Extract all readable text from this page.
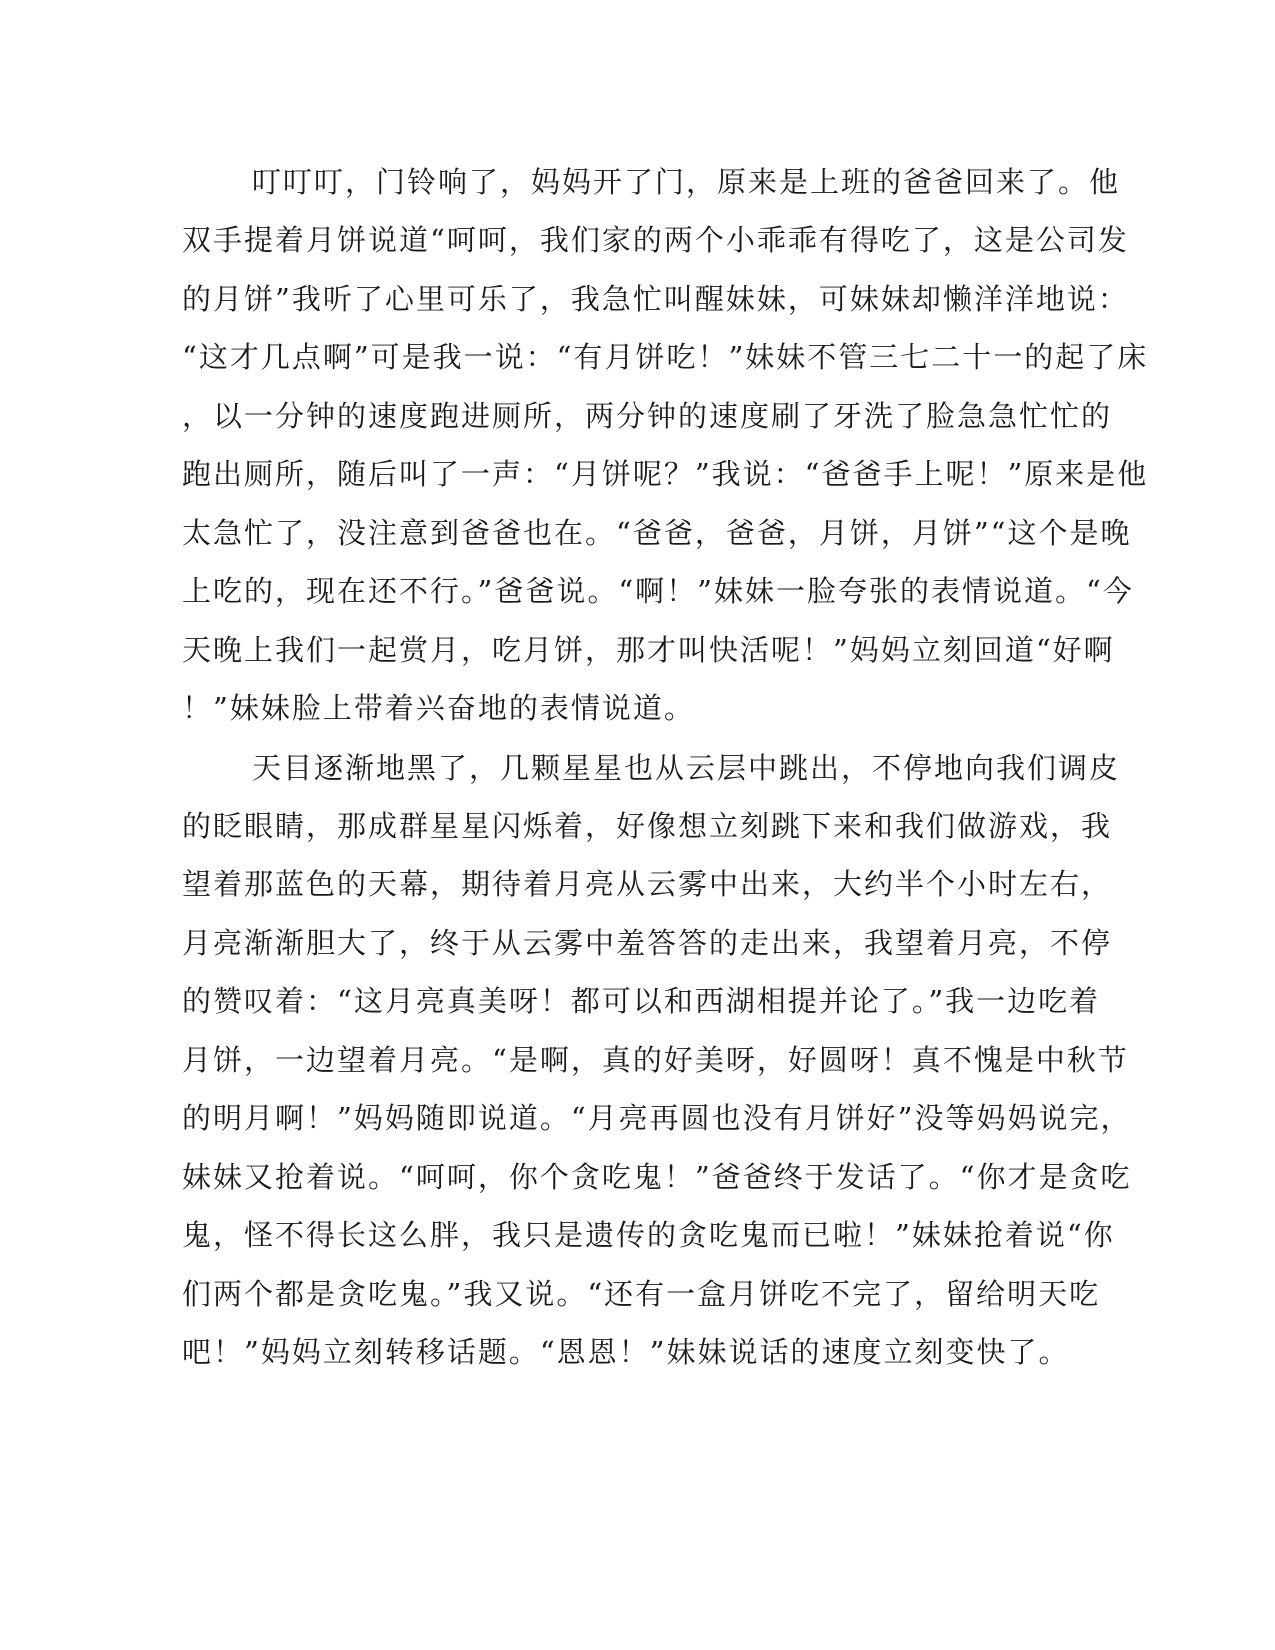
叮叮叮，门铃响了，妈妈开了门，原来是上班的爸爸回来了。他
双手提着月饼说道“呵呵，我们家的两个小乖乖有得吃了，这是公司发
的月饼”我听了心里可乐了，我急忙叫醒妹妹，可妹妹却懒洋洋地说：
“这才几点啊”可是我一说：“有月饼吃！”妹妹不管三七二十一的起了床
，以一分钟的速度跑进厕所，两分钟的速度刷了牙洗了脸急急忙忙的
跑出厕所，随后叫了一声：“月饼呢？”我说：“爸爸手上呢！”原来是他
太急忙了，没注意到爸爸也在。“爸爸，爸爸，月饼，月饼”“这个是晚
上吃的，现在还不行。”爸爸说。“啊！”妹妹一脸夸张的表情说道。“今
天晚上我们一起赏月，吃月饼，那才叫快活呢！”妈妈立刻回道“好啊
！”妹妹脸上带着兴奋地的表情说道。
天目逐渐地黑了，几颗星星也从云层中跳出，不停地向我们调皮
的眨眼睛，那成群星星闪烁着，好像想立刻跳下来和我们做游戏，我
望着那蓝色的天幕，期待着月亮从云雾中出来，大约半个小时左右，
月亮渐渐胆大了，终于从云雾中羞答答的走出来，我望着月亮，不停
的赞叹着：“这月亮真美呀！都可以和西湖相提并论了。”我一边吃着
月饼，一边望着月亮。“是啊，真的好美呀，好圆呀！真不愧是中秋节
的明月啊！”妈妈随即说道。“月亮再圆也没有月饼好”没等妈妈说完，
妹妹又抢着说。“呵呵，你个贪吃鬼！”爸爸终于发话了。“你才是贪吃
鬼，怪不得长这么胖，我只是遗传的贪吃鬼而已啦！”妹妹抢着说“你
们两个都是贪吃鬼。”我又说。“还有一盒月饼吃不完了，留给明天吃
吧！”妈妈立刻转移话题。“恩恩！”妹妹说话的速度立刻变快了。
